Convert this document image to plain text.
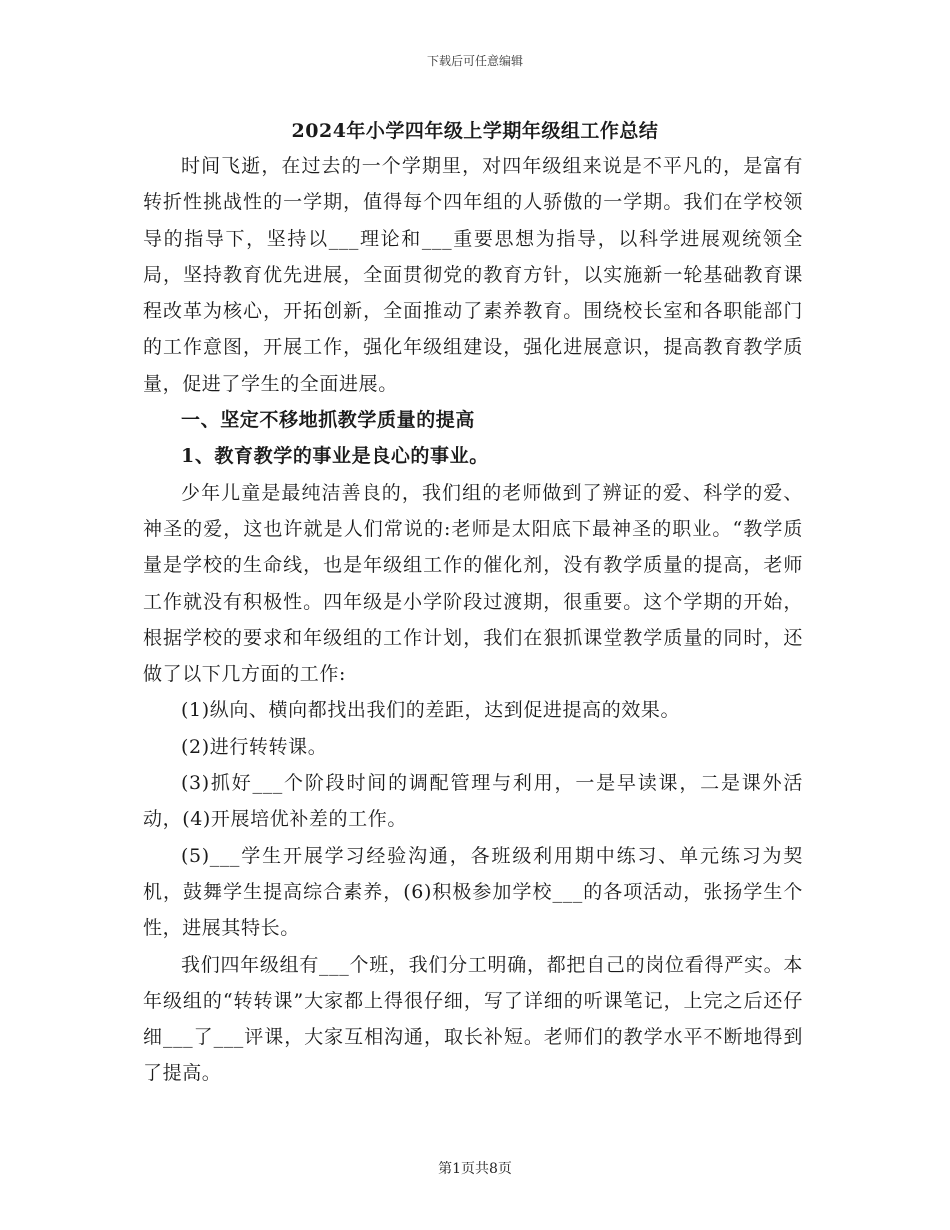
下载后可任意编辑
2024年小学四年级上学期年级组工作总结

时间飞逝，在过去的一个学期里，对四年级组来说是不平凡的，是富有转折性挑战性的一学期，值得每个四年组的人骄傲的一学期。我们在学校领导的指导下，坚持以___理论和___重要思想为指导，以科学进展观统领全局，坚持教育优先进展，全面贯彻党的教育方针，以实施新一轮基础教育课程改革为核心，开拓创新，全面推动了素养教育。围绕校长室和各职能部门的工作意图，开展工作，强化年级组建设，强化进展意识，提高教育教学质量，促进了学生的全面进展。

一、坚定不移地抓教学质量的提高

1、教育教学的事业是良心的事业。

少年儿童是最纯洁善良的，我们组的老师做到了辨证的爱、科学的爱、神圣的爱，这也许就是人们常说的:老师是太阳底下最神圣的职业。“教学质量是学校的生命线，也是年级组工作的催化剂，没有教学质量的提高，老师工作就没有积极性。四年级是小学阶段过渡期，很重要。这个学期的开始，根据学校的要求和年级组的工作计划，我们在狠抓课堂教学质量的同时，还做了以下几方面的工作:

(1)纵向、横向都找出我们的差距，达到促进提高的效果。

(2)进行转转课。

(3)抓好___个阶段时间的调配管理与利用，一是早读课，二是课外活动，(4)开展培优补差的工作。

(5)___学生开展学习经验沟通，各班级利用期中练习、单元练习为契机，鼓舞学生提高综合素养，(6)积极参加学校___的各项活动，张扬学生个性，进展其特长。

我们四年级组有___个班，我们分工明确，都把自己的岗位看得严实。本年级组的“转转课”大家都上得很仔细，写了详细的听课笔记，上完之后还仔细___了___评课，大家互相沟通，取长补短。老师们的教学水平不断地得到了提高。

第1页共8页
